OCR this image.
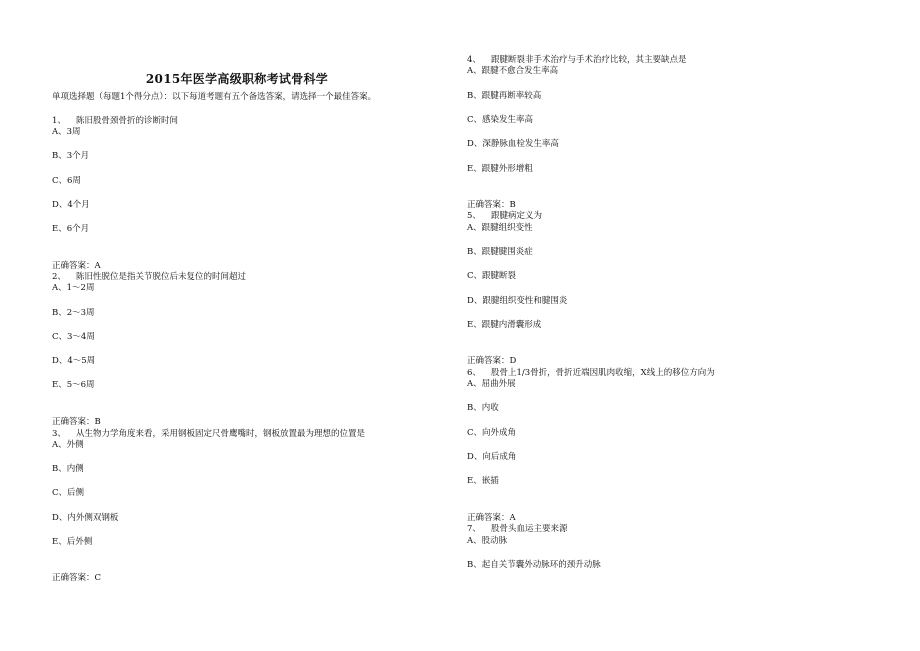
2015年医学高级职称考试骨科学
单项选择题（每题1个得分点）：以下每道考题有五个备选答案，请选择一个最佳答案。
1、 陈旧股骨颈骨折的诊断时间
A、3周
B、3个月
C、6周
D、4个月
E、6个月
正确答案：A
2、 陈旧性脱位是指关节脱位后未复位的时间超过
A、1～2周
B、2～3周
C、3～4周
D、4～5周
E、5～6周
正确答案：B
3、 从生物力学角度来看，采用钢板固定尺骨鹰嘴时，钢板放置最为理想的位置是
A、外侧
B、内侧
C、后侧
D、内外侧双钢板
E、后外侧
正确答案：C
4、 跟腱断裂非手术治疗与手术治疗比较，其主要缺点是
A、跟腱不愈合发生率高
B、跟腱再断率较高
C、感染发生率高
D、深静脉血栓发生率高
E、跟腱外形增粗
正确答案：B
5、 跟腱病定义为
A、跟腱组织变性
B、跟腱腱围炎症
C、跟腱断裂
D、跟腱组织变性和腱围炎
E、跟腱内滑囊形成
正确答案：D
6、 股骨上1/3骨折，骨折近端因肌肉收缩，X线上的移位方向为
A、屈曲外展
B、内收
C、向外成角
D、向后成角
E、嵌插
正确答案：A
7、 股骨头血运主要来源
A、股动脉
B、起自关节囊外动脉环的颈升动脉
